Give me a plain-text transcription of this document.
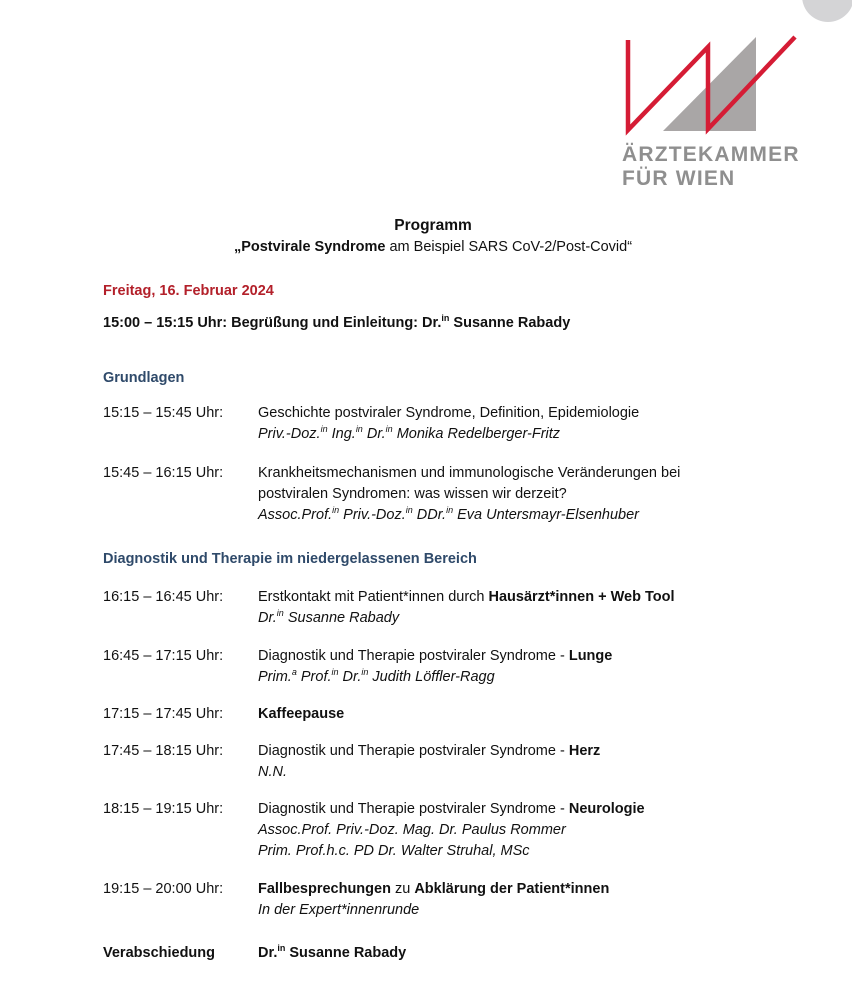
ÄRZTEKAMMER
FÜR WIEN
Programm
„Postvirale Syndrome am Beispiel SARS CoV-2/Post-Covid“
Freitag, 16. Februar 2024
15:00 – 15:15 Uhr: Begrüßung und Einleitung: Dr.$^{in}$ Susanne Rabady
Grundlagen
Diagnostik und Therapie im niedergelassenen Bereich
15:15 – 15:45 Uhr: Geschichte postviraler Syndrome, Definition, Epidemiologie
Priv.-Doz.$^{in}$ Ing.$^{in}$ Dr.$^{in}$ Monika Redelberger-Fritz
15:45 – 16:15 Uhr: Krankheitsmechanismen und immunologische Veränderungen bei
postviralen Syndromen: was wissen wir derzeit?
Assoc.Prof.$^{in}$ Priv.-Doz.$^{in}$ DDr.$^{in}$ Eva Untersmayr-Elsenhuber
16:15 – 16:45 Uhr: Erstkontakt mit Patient*innen durch Hausärzt*innen + Web Tool
Dr.$^{in}$ Susanne Rabady
16:45 – 17:15 Uhr: Diagnostik und Therapie postviraler Syndrome - Lunge
Prim.$^a$ Prof.$^{in}$ Dr.$^{in}$ Judith Löffler-Ragg
17:15 – 17:45 Uhr: Kaffeepause
17:45 – 18:15 Uhr: Diagnostik und Therapie postviraler Syndrome - Herz
N.N.
18:15 – 19:15 Uhr: Diagnostik und Therapie postviraler Syndrome - Neurologie
Assoc.Prof. Priv.-Doz. Mag. Dr. Paulus Rommer
Prim. Prof.h.c. PD Dr. Walter Struhal, MSc
19:15 – 20:00 Uhr: Fallbesprechungen zu Abklärung der Patient*innen
In der Expert*innenrunde
Verabschiedung	Dr.$^{in}$ Susanne Rabady
